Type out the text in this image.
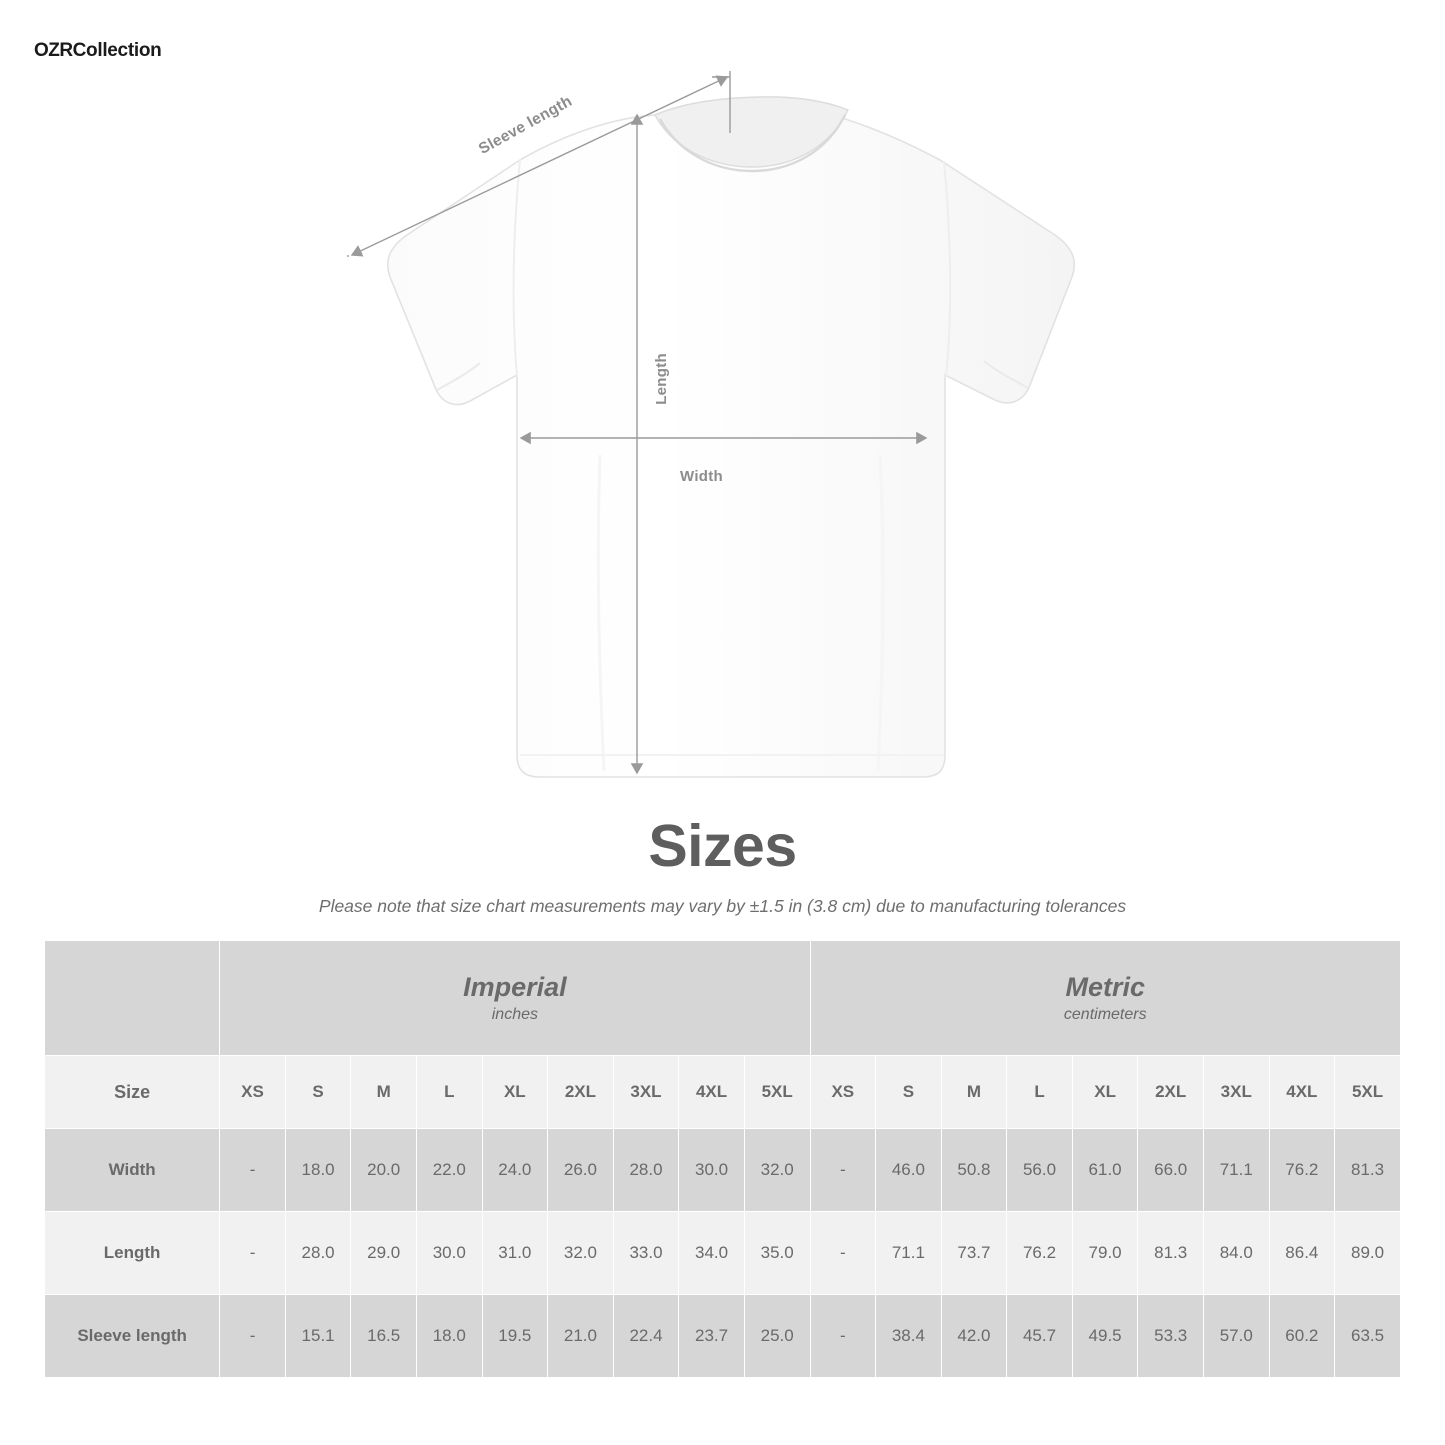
OZRCollection
Sleeve length
Length
Width
Sizes
Please note that size chart measurements may vary by ±1.5 in (3.8 cm) due to manufacturing tolerances

Imperial
inches

Metric
centimeters

Size	XS	S	M	L	XL	2XL	3XL	4XL	5XL	XS	S	M	L	XL	2XL	3XL	4XL	5XL
Width	-	18.0	20.0	22.0	24.0	26.0	28.0	30.0	32.0	-	46.0	50.8	56.0	61.0	66.0	71.1	76.2	81.3
Length	-	28.0	29.0	30.0	31.0	32.0	33.0	34.0	35.0	-	71.1	73.7	76.2	79.0	81.3	84.0	86.4	89.0
Sleeve length	-	15.1	16.5	18.0	19.5	21.0	22.4	23.7	25.0	-	38.4	42.0	45.7	49.5	53.3	57.0	60.2	63.5
